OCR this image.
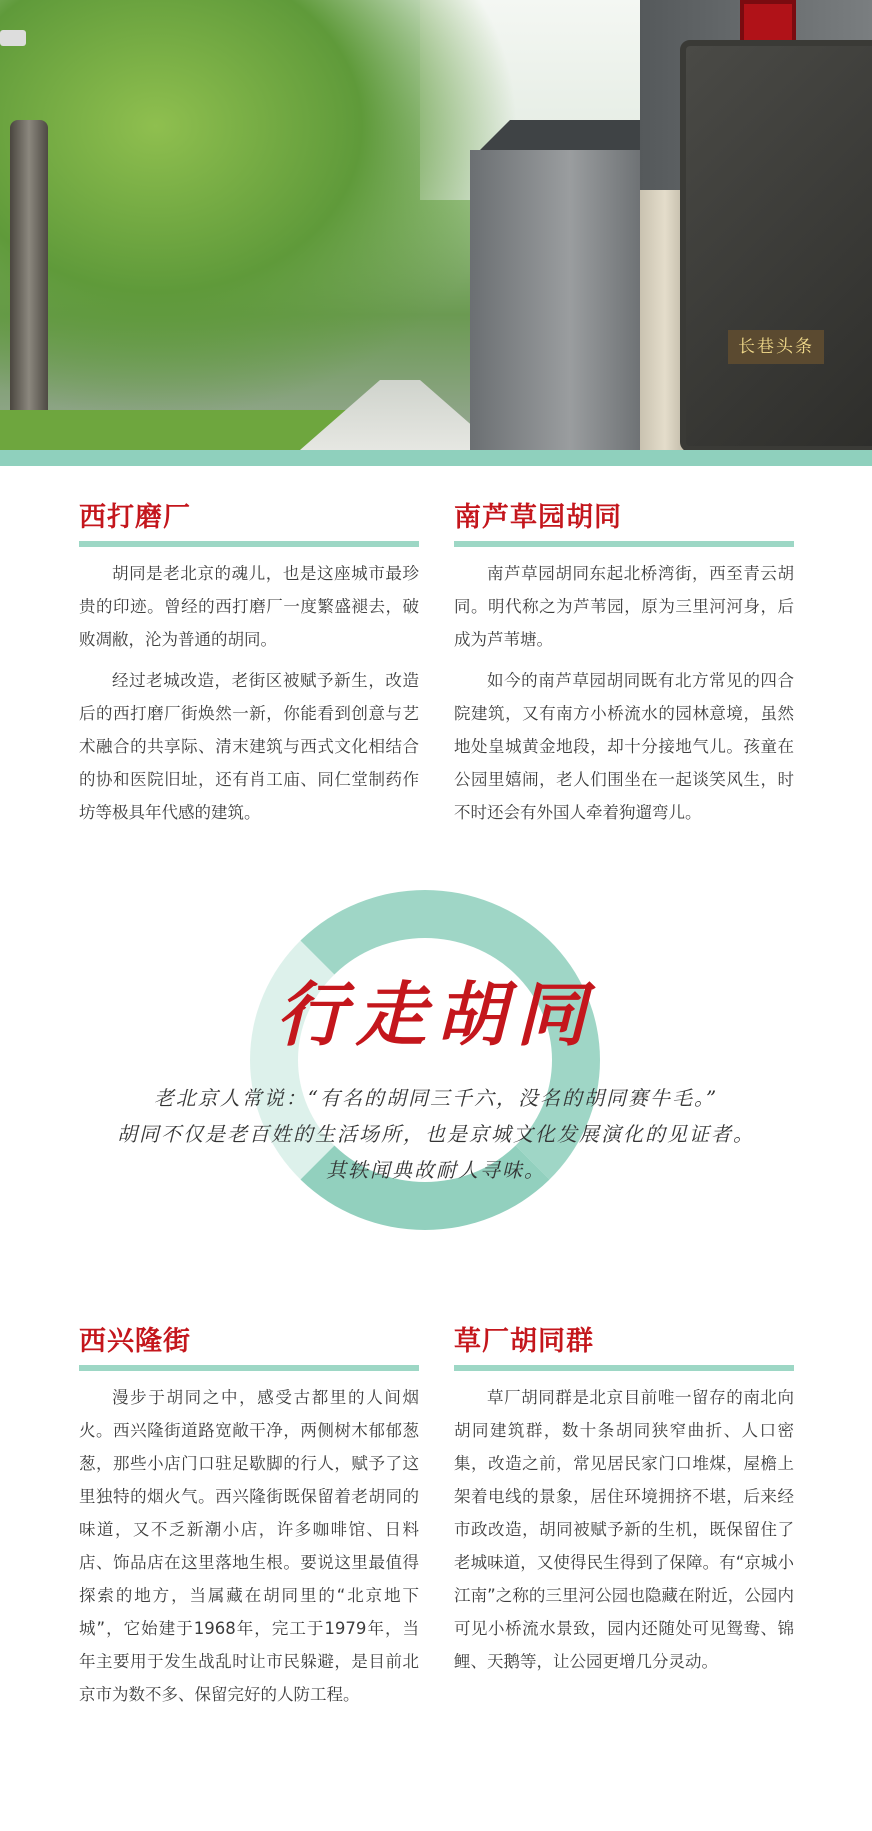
长巷头条
西打磨厂

胡同是老北京的魂儿，也是这座城市最珍贵的印迹。曾经的西打磨厂一度繁盛褪去，破败凋敝，沦为普通的胡同。

经过老城改造，老街区被赋予新生，改造后的西打磨厂街焕然一新，你能看到创意与艺术融合的共享际、清末建筑与西式文化相结合的协和医院旧址，还有肖工庙、同仁堂制药作坊等极具年代感的建筑。

南芦草园胡同

南芦草园胡同东起北桥湾街，西至青云胡同。明代称之为芦苇园，原为三里河河身，后成为芦苇塘。

如今的南芦草园胡同既有北方常见的四合院建筑，又有南方小桥流水的园林意境，虽然地处皇城黄金地段，却十分接地气儿。孩童在公园里嬉闹，老人们围坐在一起谈笑风生，时不时还会有外国人牵着狗遛弯儿。

行走胡同
老北京人常说：“有名的胡同三千六，没名的胡同赛牛毛。”
胡同不仅是老百姓的生活场所，也是京城文化发展演化的见证者。
其轶闻典故耐人寻味。
西兴隆街

漫步于胡同之中，感受古都里的人间烟火。西兴隆街道路宽敞干净，两侧树木郁郁葱葱，那些小店门口驻足歇脚的行人，赋予了这里独特的烟火气。西兴隆街既保留着老胡同的味道，又不乏新潮小店，许多咖啡馆、日料店、饰品店在这里落地生根。要说这里最值得探索的地方，当属藏在胡同里的“北京地下城”，它始建于1968年，完工于1979年，当年主要用于发生战乱时让市民躲避，是目前北京市为数不多、保留完好的人防工程。

草厂胡同群

草厂胡同群是北京目前唯一留存的南北向胡同建筑群，数十条胡同狭窄曲折、人口密集，改造之前，常见居民家门口堆煤，屋檐上架着电线的景象，居住环境拥挤不堪，后来经市政改造，胡同被赋予新的生机，既保留住了老城味道，又使得民生得到了保障。有“京城小江南”之称的三里河公园也隐藏在附近，公园内可见小桥流水景致，园内还随处可见鸳鸯、锦鲤、天鹅等，让公园更增几分灵动。
